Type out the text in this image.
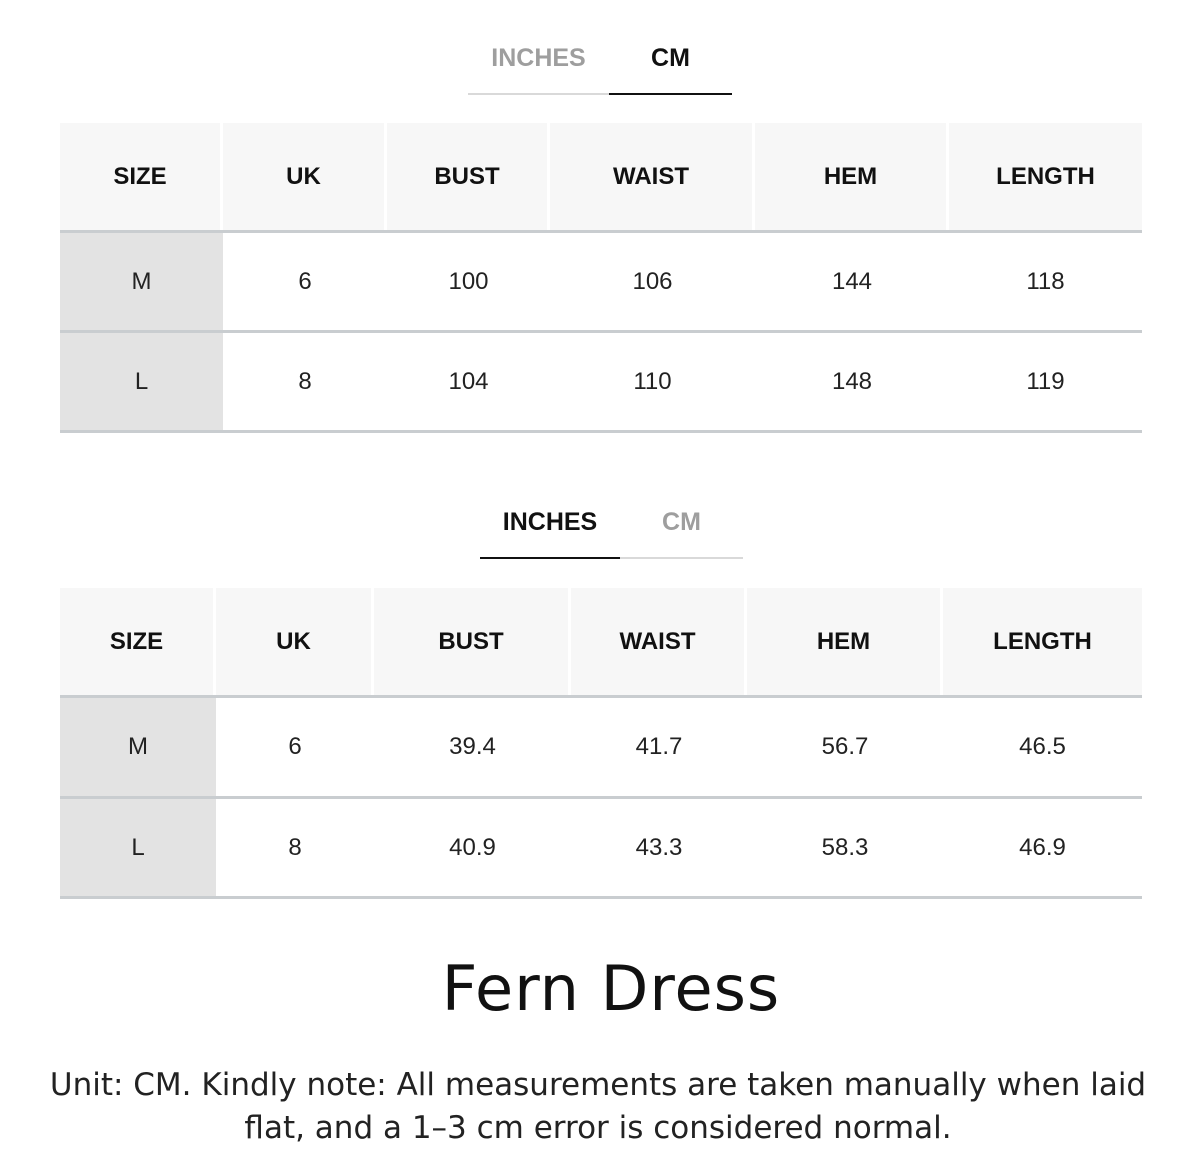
INCHES	CM
SIZE	UK	BUST	WAIST	HEM	LENGTH
M	6	100	106	144	118
L	8	104	110	148	119
INCHES	CM
SIZE	UK	BUST	WAIST	HEM	LENGTH
M	6	39.4	41.7	56.7	46.5
L	8	40.9	43.3	58.3	46.9
Fern Dress
Unit: CM. Kindly note: All measurements are taken manually when laid
flat, and a 1–3 cm error is considered normal.
